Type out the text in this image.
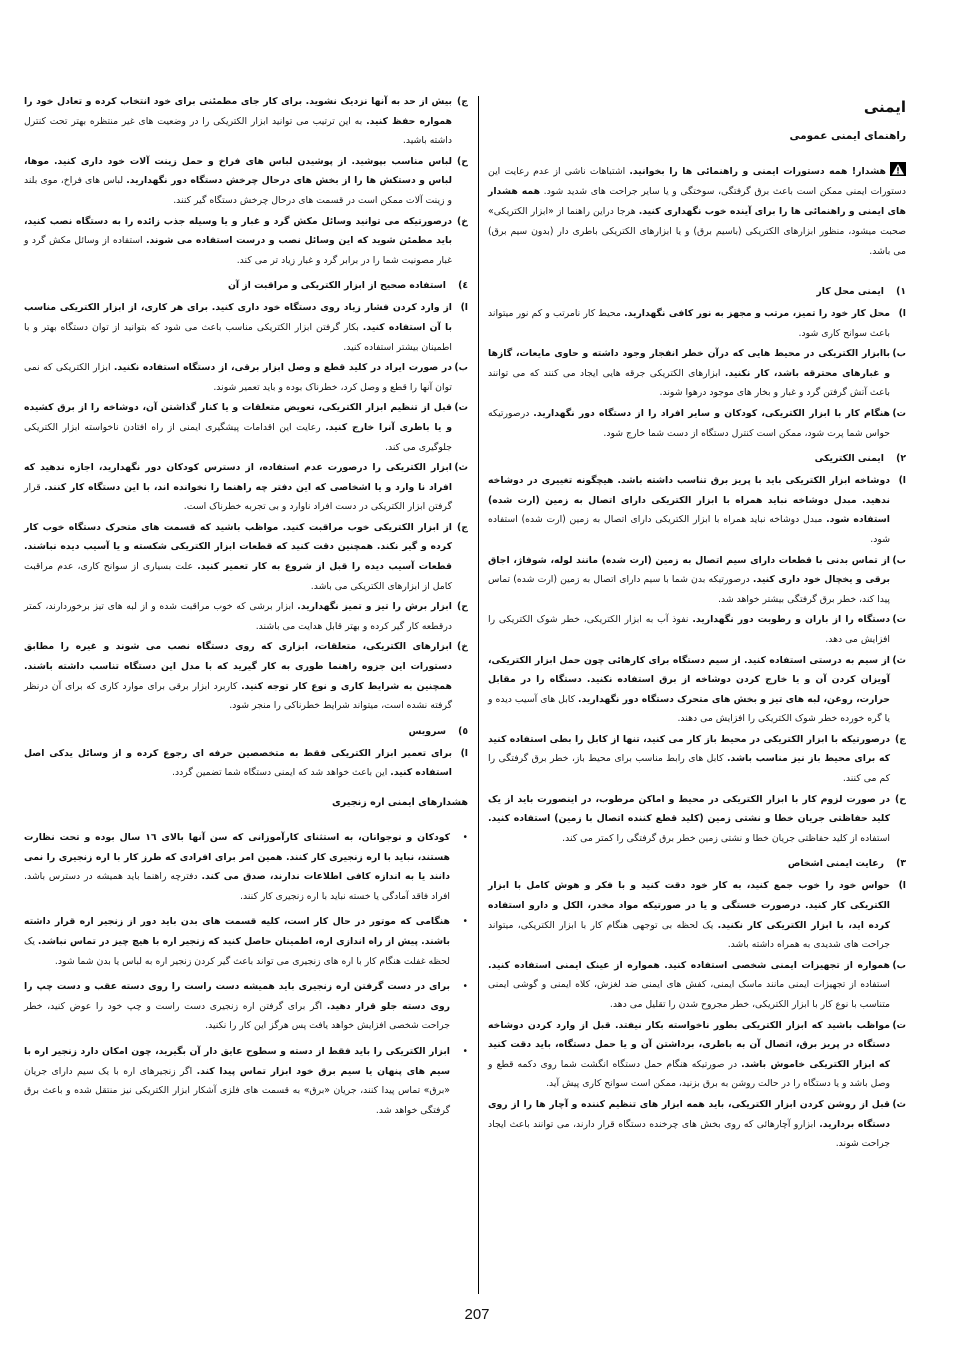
ایمنی
راهنمای ایمنی عمومی
هشدار! همه دستورات ایمنی و راهنمائی ها را بخوانید. اشتباهات ناشی از عدم رعایت این دستورات ایمنی ممکن است باعث برق گرفتگی، سوختگی و یا سایر جراحت های شدید شود. همه هشدار های ایمنی و راهنمائی ها را برای آینده خوب نگهداری کنید. هرجا دراین راهنما از «ابزار الکتریکی» صحبت میشود، منظور ابزارهای الکتریکی (باسیم برق) و یا ابزارهای الکتریکی باطری دار (بدون سیم برق) می باشد.
۱)ایمنی محل کار
ا)
محل کار خود را تمیز، مرتب و مجهز به نور کافی نگهدارید. محیط کار نامرتب و کم نور میتواند باعث سوانح کاری شود.
ب)
باابزار الکتریکی در محیط هایی که درآن خطر انفجار وجود داشته و حاوی مایعات، گازها و غبارهای محترقه باشد، کار نکنید. ابزارهای الکتریکی جرقه هایی ایجاد می کنند که می توانند باعث آتش گرفتن گرد و غبار و بخار های موجود درهوا شوند.
ت)
هنگام کار با ابزار الکتریکی، کودکان و سایر افراد را از دستگاه دور نگهدارید. درصورتیکه حواس شما پرت شود، ممکن است کنترل دستگاه از دست شما خارج شود.
۲)ایمنی الکتریکی
ا)
دوشاخه ابزار الکتریکی باید با پریز برق تناسب داشته باشد. هیچگونه تغییری در دوشاخه ندهید. مبدل دوشاخه نباید همراه با ابزار الکتریکی دارای اتصال به زمین (ارت شده) استفاده شود. مبدل دوشاخه نباید همراه با ابزار الکتریکی دارای اتصال به زمین (ارت شده) استفاده شود.
ب)
از تماس بدنی با قطعات دارای سیم اتصال به زمین (ارت شده) مانند لوله، شوفاژ، اجاق برقی و یخچال خود داری کنید. درصورتیکه بدن شما با سیم دارای اتصال به زمین (ارت شده) تماس پیدا کند، خطر برق گرفتگی بیشتر خواهد شد.
ت)
دستگاه را از باران و رطوبت دور نگهدارید. نفوذ آب به ابزار الکتریکی، خطر شوک الکتریکی را افزایش می دهد.
ث)
از سیم به درستی استفاده کنید. از سیم دستگاه برای کارهائی چون حمل ابزار الکتریکی، آویزان کردن آن و یا خارج کردن دوشاخه از برق استفاده نکنید. دستگاه را در مقابل حرارت، روغن، لبه های تیز و بخش های متحرک دستگاه دور نگهدارید. کابل های آسیب دیده و یا گره خورده خطر شوک الکتریکی را افزایش می دهند.
ج)
درصورتیکه با ابزار الکتریکی در محیط باز کار می کنید، تنها از کابل را بطی استفاده کنید که برای محیط باز نیز مناسب باشد. کابل های رابط مناسب برای محیط باز، خطر برق گرفتگی را کم می کنند.
ح)
در صورت لزوم کار با ابزار الکتریکی در محیط و اماکن مرطوب، در اینصورت باید از یک کلید حفاظتی جریان خطا و نشتی زمین (کلید قطع کننده اتصال با زمین) استفاده کنید. استفاده از کلید حفاظتی جریان خطا و نشتی زمین خطر برق گرفتگی را کمتر می کند.
۳)رعایت ایمنی اشخاص
ا)
حواس خود را خوب جمع کنید، به کار خود دقت کنید و با فکر و هوش کامل با ابزار الکتریکی کار کنید. درصورت خستگی و یا در صورتیکه مواد مخدر، الکل و دارو استفاده کرده اید، با ابزار الکتریکی کار نکنید. یک لحظه بی توجهی هنگام کار با ابزار الکتریکی، میتواند جراحت های شدیدی به همراه داشته باشد.
ب)
همواره از تجهیزات ایمنی شخصی استفاده کنید. همواره از عینک ایمنی استفاده کنید. استفاده از تجهیزات ایمنی مانند ماسک ایمنی، کفش های ایمنی ضد لغزش، کلاه ایمنی و گوشی ایمنی متناسب با نوع کار با ابزار الکتریکی، خطر مجروح شدن را تقلیل می دهد.
ت)
مواظب باشید که ابزار الکتریکی بطور ناخواسته بکار نیفتد. قبل از وارد کردن دوشاخه دستگاه در پریز برق، اتصال آن به باطری، برداشتن آن و یا حمل دستگاه، باید دقت کنید که ابزار الکتریکی خاموش باشد. در صورتیکه هنگام حمل دستگاه انگشت شما روی دکمه قطع و وصل باشد و یا دستگاه را در حالت روشن به برق بزنید، ممکن است سوانح کاری پیش آید.
ث)
قبل از روشن کردن ابزار الکتریکی، باید همه ابزار های تنظیم کننده و آچار ها را از روی دستگاه بردارید. ابزارو آچارهائی که روی بخش های چرخنده دستگاه قرار دارند، می توانند باعث ایجاد جراحت شوند.
ج)
بیش از حد به آنها نزدیک نشوید. برای کار جای مطمئنی برای خود انتخاب کرده و تعادل خود را همواره حفظ کنید. به این ترتیب می توانید ابزار الکتریکی را در وضعیت های غیر منتظره بهتر تحت کنترل داشته باشید.
ح)
لباس مناسب بپوشید. از پوشیدن لباس های فراخ و حمل زینت آلات خود داری کنید. موها، لباس و دستکش ها را از بخش های درحال چرخش دستگاه دور نگهدارید. لباس های فراخ، موی بلند و زینت آلات ممکن است در قسمت های درحال چرخش دستگاه گیر کنند.
خ)
درصورتیکه می توانید وسائل مکش گرد و غبار و یا وسیله جذب زائده را به دستگاه نصب کنید، باید مطمئن شوید که این وسائل نصب و درست استفاده می شوند. استفاده از وسائل مکش گرد و غبار مصونیت شما را در برابر گرد و غبار زیاد تر می کند.
٤)استفاده صحیح از ابزار الکتریکی و مراقبت از آن
ا)
از وارد کردن فشار زیاد روی دستگاه خود داری کنید. برای هر کاری، از ابزار الکتریکی مناسب با آن استفاده کنید. بکار گرفتن ابزار الکتریکی مناسب باعث می شود که بتوانید از توان دستگاه بهتر و با اطمینان بیشتر استفاده کنید.
ب)
در صورت ایراد در کلید قطع و وصل ابزار برقی، از دستگاه استفاده نکنید. ابزار الکتریکی که نمی توان آنها را قطع و وصل کرد، خطرناک بوده و باید تعمیر شوند.
ت)
قبل از تنظیم ابزار الکتریکی، تعویض متعلقات و یا کنار گذاشتن آن، دوشاخه را از برق کشیده و یا باطری آنرا خارج کنید. رعایت این اقدامات پیشگیری ایمنی از راه افتادن ناخواسته ابزار الکتریکی جلوگیری می کند.
ث)
ابزار الکتریکی را درصورت عدم استفاده، از دسترس کودکان دور نگهدارید، اجازه ندهید که افراد نا وارد و یا اشخاصی که این دفتر چه راهنما را نخوانده اند، با این دستگاه کار کنند. قرار گرفتن ابزار الکتریکی در دست افراد ناوارد و بی تجربه خطرناک است.
ج)
از ابزار الکتریکی خوب مراقبت کنید. مواظب باشید که قسمت های متحرک دستگاه خوب کار کرده و گیر نکند. همچنین دقت کنید که قطعات ابزار الکتریکی شکسته و یا آسیب دیده نباشند. قطعات آسیب دیده را قبل از شروع به کار تعمیر کنید. علت بسیاری از سوانح کاری، عدم مراقبت کامل از ابزارهای الکتریکی می باشد.
ح)
ابزار برش را تیز و تمیز نگهدارید. ابزار برشی که خوب مراقبت شده و از لبه های تیز برخوردارند، کمتر درقطعه کار گیر کرده و بهتر قابل هدایت می باشند.
خ)
ابزارهای الکتریکی، متعلقات، ابزاری که روی دستگاه نصب می شوند و غیره را مطابق دستورات این جزوه راهنما طوری به کار گیرید که با مدل این دستگاه تناسب داشته باشند. همچنین به شرایط کاری و نوع کار توجه کنید. کاربرد ابزار برقی برای موارد کاری که برای آن درنظر گرفته نشده است، میتواند شرایط خطرناکی را منجر شود.
٥)سرویس
ا)
برای تعمیر ابزار الکتریکی فقط به متخصصین حرفه ای رجوع کرده و از وسائل یدکی اصل استفاده کنید. این باعث خواهد شد که ایمنی دستگاه شما تضمین گردد.
هشدارهای ایمنی اره زنجیری
•
کودکان و نوجوانان، به استثنای کارآموزانی که سن آنها بالای ١٦ سال بوده و تحت نظارت هستند، نباید با اره زنجیری کار کنند. همین امر برای افرادی که طرز کار با اره زنجیری را نمی دانند یا به اندازه کافی اطلاعات ندارند، صدق می کند. دفترچه راهنما باید همیشه در دسترس باشد. افراد فاقد آمادگی یا خسته نباید با اره زنجیری کار کنند.
•
هنگامی که موتور در حال کار است، کلیه قسمت های بدن باید دور از زنجیر اره قرار داشته باشند. پیش از راه اندازی اره، اطمینان حاصل کنید که زنجیر اره با هیچ چیز در تماس نباشد. یک لحظه غفلت هنگام کار با اره های زنجیری می تواند باعث گیر کردن زنجیر اره به لباس یا بدن شما شود.
•
برای در دست گرفتن اره زنجیری باید همیشه دست راست را روی دسته عقب و دست چپ را روی دسته جلو قرار دهید. اگر برای گرفتن اره زنجیری دست راست و چپ خود را عوض کنید، خطر جراحت شخصی افزایش خواهد یافت پس هرگز این کار را نکنید.
•
ابزار الکتریکی را باید فقط از دسته و سطوح عایق دار آن بگیرید، چون امکان دارد زنجیر اره با سیم های پنهان یا سیم برق خود ابزار تماس پیدا کند. اگر زنجیرهای اره با یک سیم دارای جریان «برق» تماس پیدا کنند، جریان «برق» به قسمت های فلزی آشکار ابزار الکتریکی نیز منتقل شده و باعث برق گرفتگی خواهد شد.
207
